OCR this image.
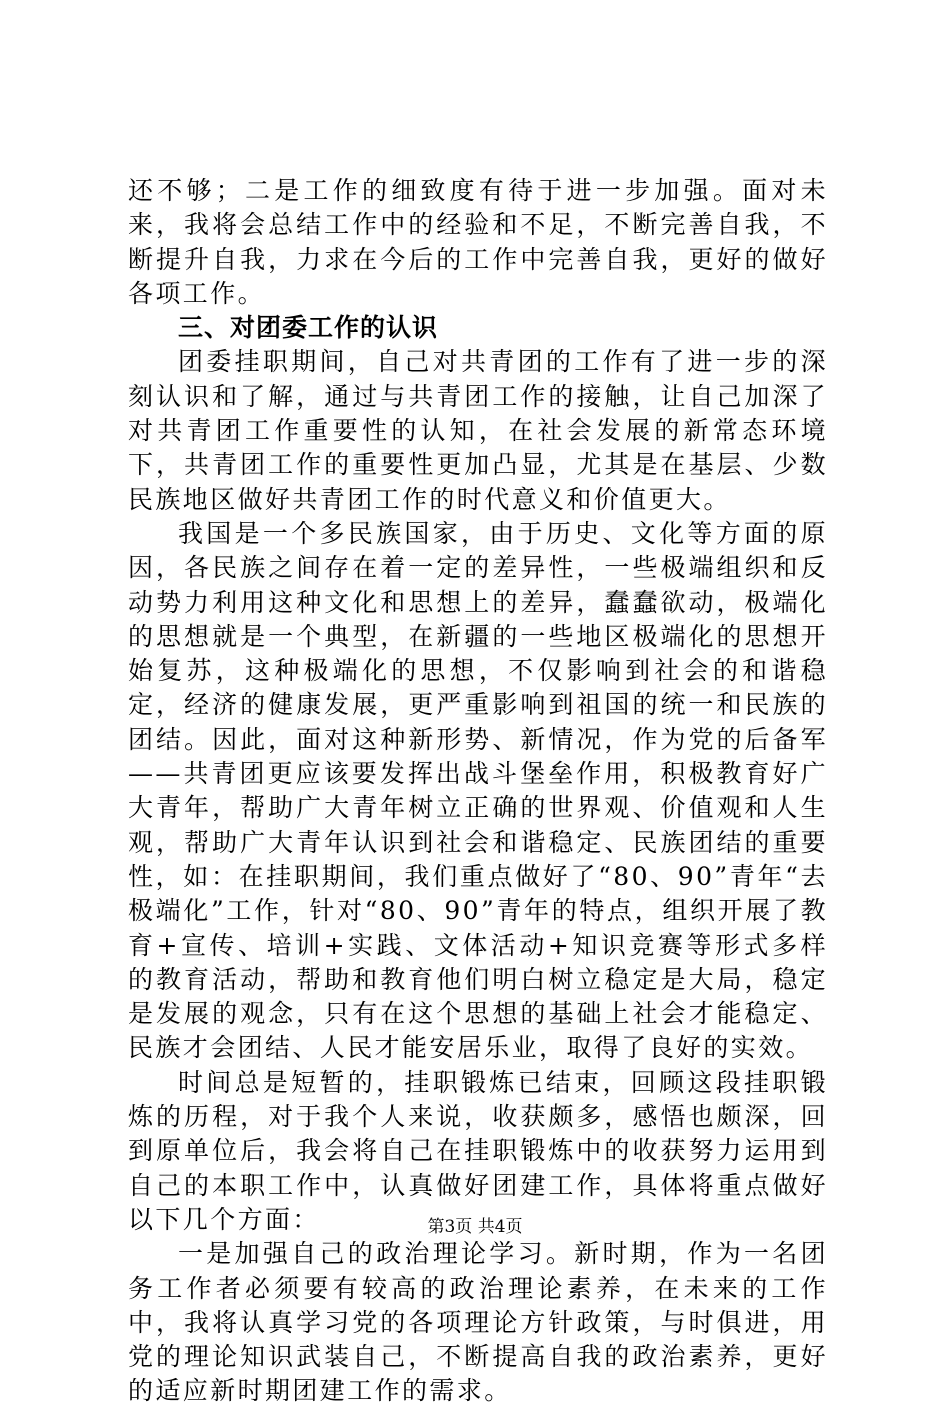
还不够；二是工作的细致度有待于进一步加强。面对未来，我将会总结工作中的经验和不足，不断完善自我，不断提升自我，力求在今后的工作中完善自我，更好的做好各项工作。

三、对团委工作的认识

团委挂职期间，自己对共青团的工作有了进一步的深刻认识和了解，通过与共青团工作的接触，让自己加深了对共青团工作重要性的认知，在社会发展的新常态环境下，共青团工作的重要性更加凸显，尤其是在基层、少数民族地区做好共青团工作的时代意义和价值更大。

我国是一个多民族国家，由于历史、文化等方面的原因，各民族之间存在着一定的差异性，一些极端组织和反动势力利用这种文化和思想上的差异，蠢蠢欲动，极端化的思想就是一个典型，在新疆的一些地区极端化的思想开始复苏，这种极端化的思想，不仅影响到社会的和谐稳定，经济的健康发展，更严重影响到祖国的统一和民族的团结。因此，面对这种新形势、新情况，作为党的后备军——共青团更应该要发挥出战斗堡垒作用，积极教育好广大青年，帮助广大青年树立正确的世界观、价值观和人生观，帮助广大青年认识到社会和谐稳定、民族团结的重要性，如：在挂职期间，我们重点做好了“80、90”青年“去极端化”工作，针对“80、90”青年的特点，组织开展了教育+宣传、培训+实践、文体活动+知识竞赛等形式多样的教育活动，帮助和教育他们明白树立稳定是大局，稳定是发展的观念，只有在这个思想的基础上社会才能稳定、民族才会团结、人民才能安居乐业，取得了良好的实效。

时间总是短暂的，挂职锻炼已结束，回顾这段挂职锻炼的历程，对于我个人来说，收获颇多，感悟也颇深，回到原单位后，我会将自己在挂职锻炼中的收获努力运用到自己的本职工作中，认真做好团建工作，具体将重点做好以下几个方面：

一是加强自己的政治理论学习。新时期，作为一名团务工作者必须要有较高的政治理论素养，在未来的工作中，我将认真学习党的各项理论方针政策，与时俱进，用党的理论知识武装自己，不断提高自我的政治素养，更好的适应新时期团建工作的需求。

第3页 共4页
